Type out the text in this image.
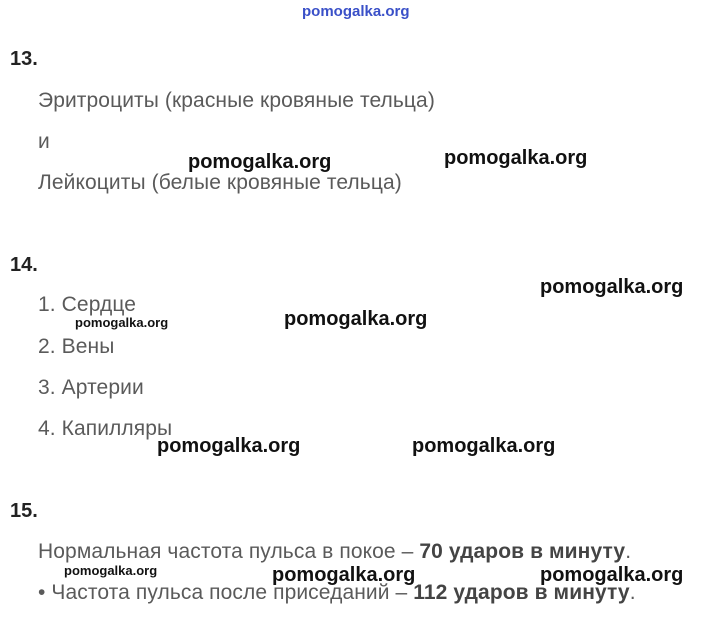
pomogalka.org
13.
Эритроциты (красные кровяные тельца)
и
Лейкоциты (белые кровяные тельца)
14.
1. Сердце
2. Вены
3. Артерии
4. Капилляры
15.
Нормальная частота пульса в покое – 70 ударов в минуту.
• Частота пульса после приседаний – 112 ударов в минуту.
pomogalka.org	pomogalka.org
pomogalka.org
pomogalka.org	pomogalka.org
pomogalka.org	pomogalka.org
pomogalka.org	pomogalka.org	pomogalka.org
